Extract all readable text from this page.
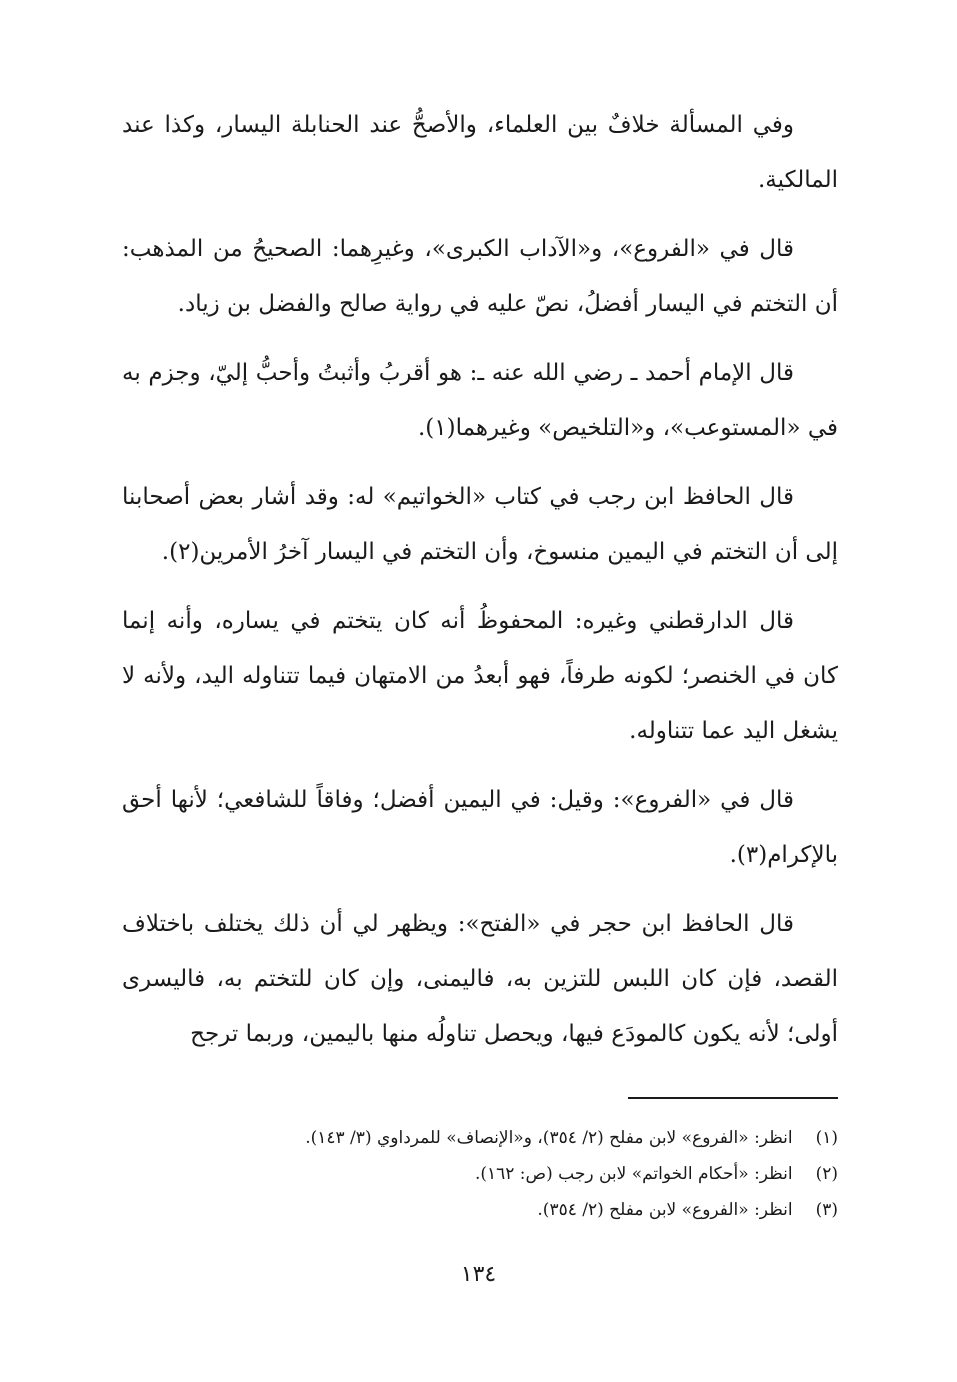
وفي المسألة خلافٌ بين العلماء، والأصحُّ عند الحنابلة اليسار، وكذا عند المالكية.

قال في «الفروع»، و«الآداب الكبرى»، وغيرِهما: الصحيحُ من المذهب: أن التختم في اليسار أفضلُ، نصّ عليه في رواية صالح والفضل بن زياد.

قال الإمام أحمد ـ رضي الله عنه ـ: هو أقربُ وأثبتُ وأحبُّ إليّ، وجزم به في «المستوعب»، و«التلخيص» وغيرهما(١).

قال الحافظ ابن رجب في كتاب «الخواتيم» له: وقد أشار بعض أصحابنا إلى أن التختم في اليمين منسوخ، وأن التختم في اليسار آخرُ الأمرين(٢).

قال الدارقطني وغيره: المحفوظُ أنه كان يتختم في يساره، وأنه إنما كان في الخنصر؛ لكونه طرفاً، فهو أبعدُ من الامتهان فيما تتناوله اليد، ولأنه لا يشغل اليد عما تتناوله.

قال في «الفروع»: وقيل: في اليمين أفضل؛ وفاقاً للشافعي؛ لأنها أحق بالإكرام(٣).

قال الحافظ ابن حجر في «الفتح»: ويظهر لي أن ذلك يختلف باختلاف القصد، فإن كان اللبس للتزين به، فاليمنى، وإن كان للتختم به، فاليسرى أولى؛ لأنه يكون كالمودَع فيها، ويحصل تناولُه منها باليمين، وربما ترجح

(١) انظر: «الفروع» لابن مفلح (٢/ ٣٥٤)، و«الإنصاف» للمرداوي (٣/ ١٤٣).
(٢) انظر: «أحكام الخواتم» لابن رجب (ص: ١٦٢).
(٣) انظر: «الفروع» لابن مفلح (٢/ ٣٥٤).
١٣٤
